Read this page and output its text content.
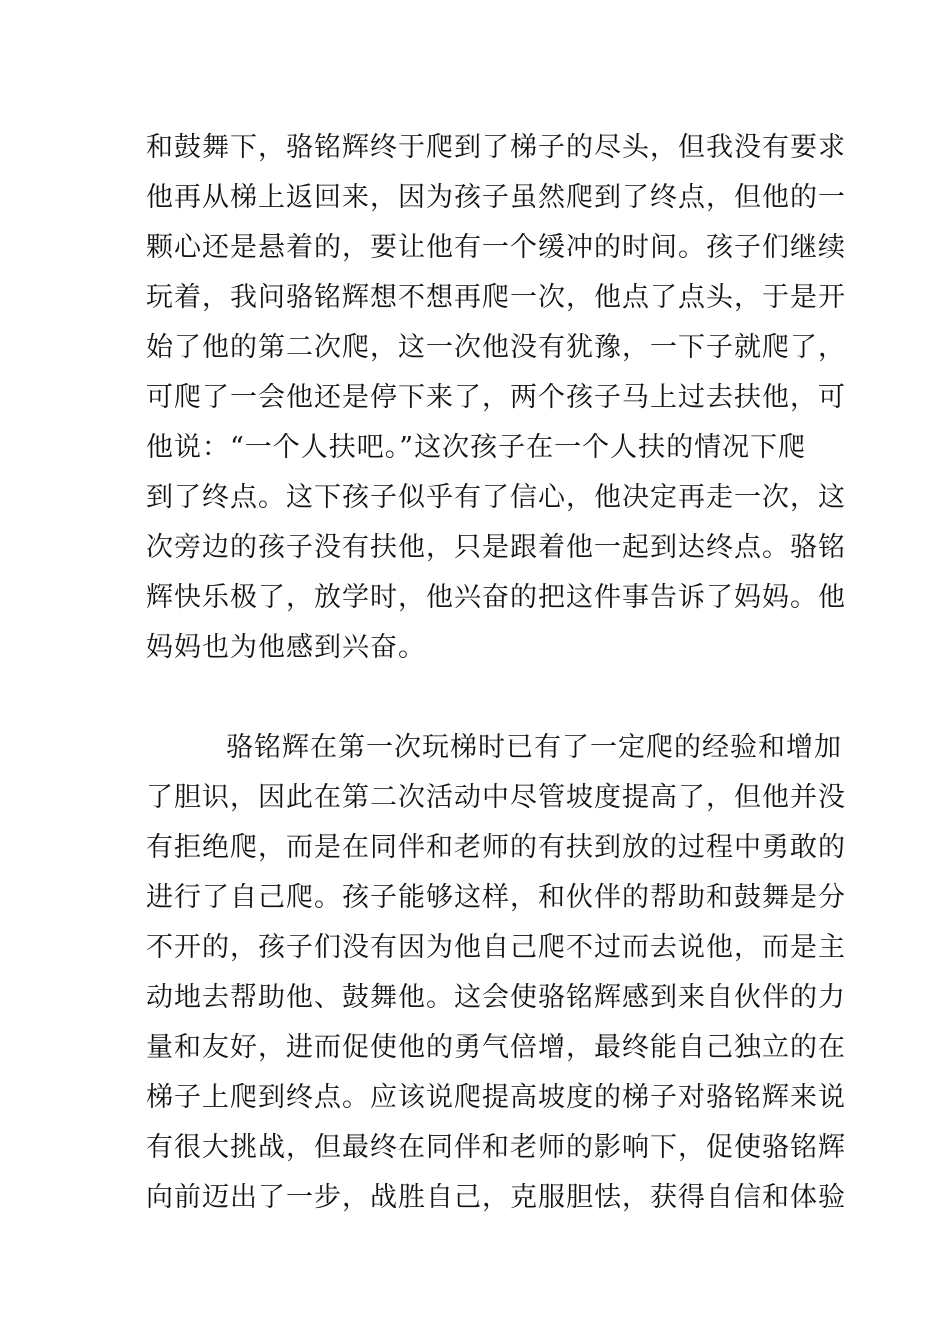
和鼓舞下，骆铭辉终于爬到了梯子的尽头，但我没有要求
他再从梯上返回来，因为孩子虽然爬到了终点，但他的一
颗心还是悬着的，要让他有一个缓冲的时间。孩子们继续
玩着，我问骆铭辉想不想再爬一次，他点了点头，于是开
始了他的第二次爬，这一次他没有犹豫，一下子就爬了，
可爬了一会他还是停下来了，两个孩子马上过去扶他，可
他说：“一个人扶吧。”这次孩子在一个人扶的情况下爬
到了终点。这下孩子似乎有了信心，他决定再走一次，这
次旁边的孩子没有扶他，只是跟着他一起到达终点。骆铭
辉快乐极了，放学时，他兴奋的把这件事告诉了妈妈。他
妈妈也为他感到兴奋。
骆铭辉在第一次玩梯时已有了一定爬的经验和增加
了胆识，因此在第二次活动中尽管坡度提高了，但他并没
有拒绝爬，而是在同伴和老师的有扶到放的过程中勇敢的
进行了自己爬。孩子能够这样，和伙伴的帮助和鼓舞是分
不开的，孩子们没有因为他自己爬不过而去说他，而是主
动地去帮助他、鼓舞他。这会使骆铭辉感到来自伙伴的力
量和友好，进而促使他的勇气倍增，最终能自己独立的在
梯子上爬到终点。应该说爬提高坡度的梯子对骆铭辉来说
有很大挑战，但最终在同伴和老师的影响下，促使骆铭辉
向前迈出了一步，战胜自己，克服胆怯，获得自信和体验
